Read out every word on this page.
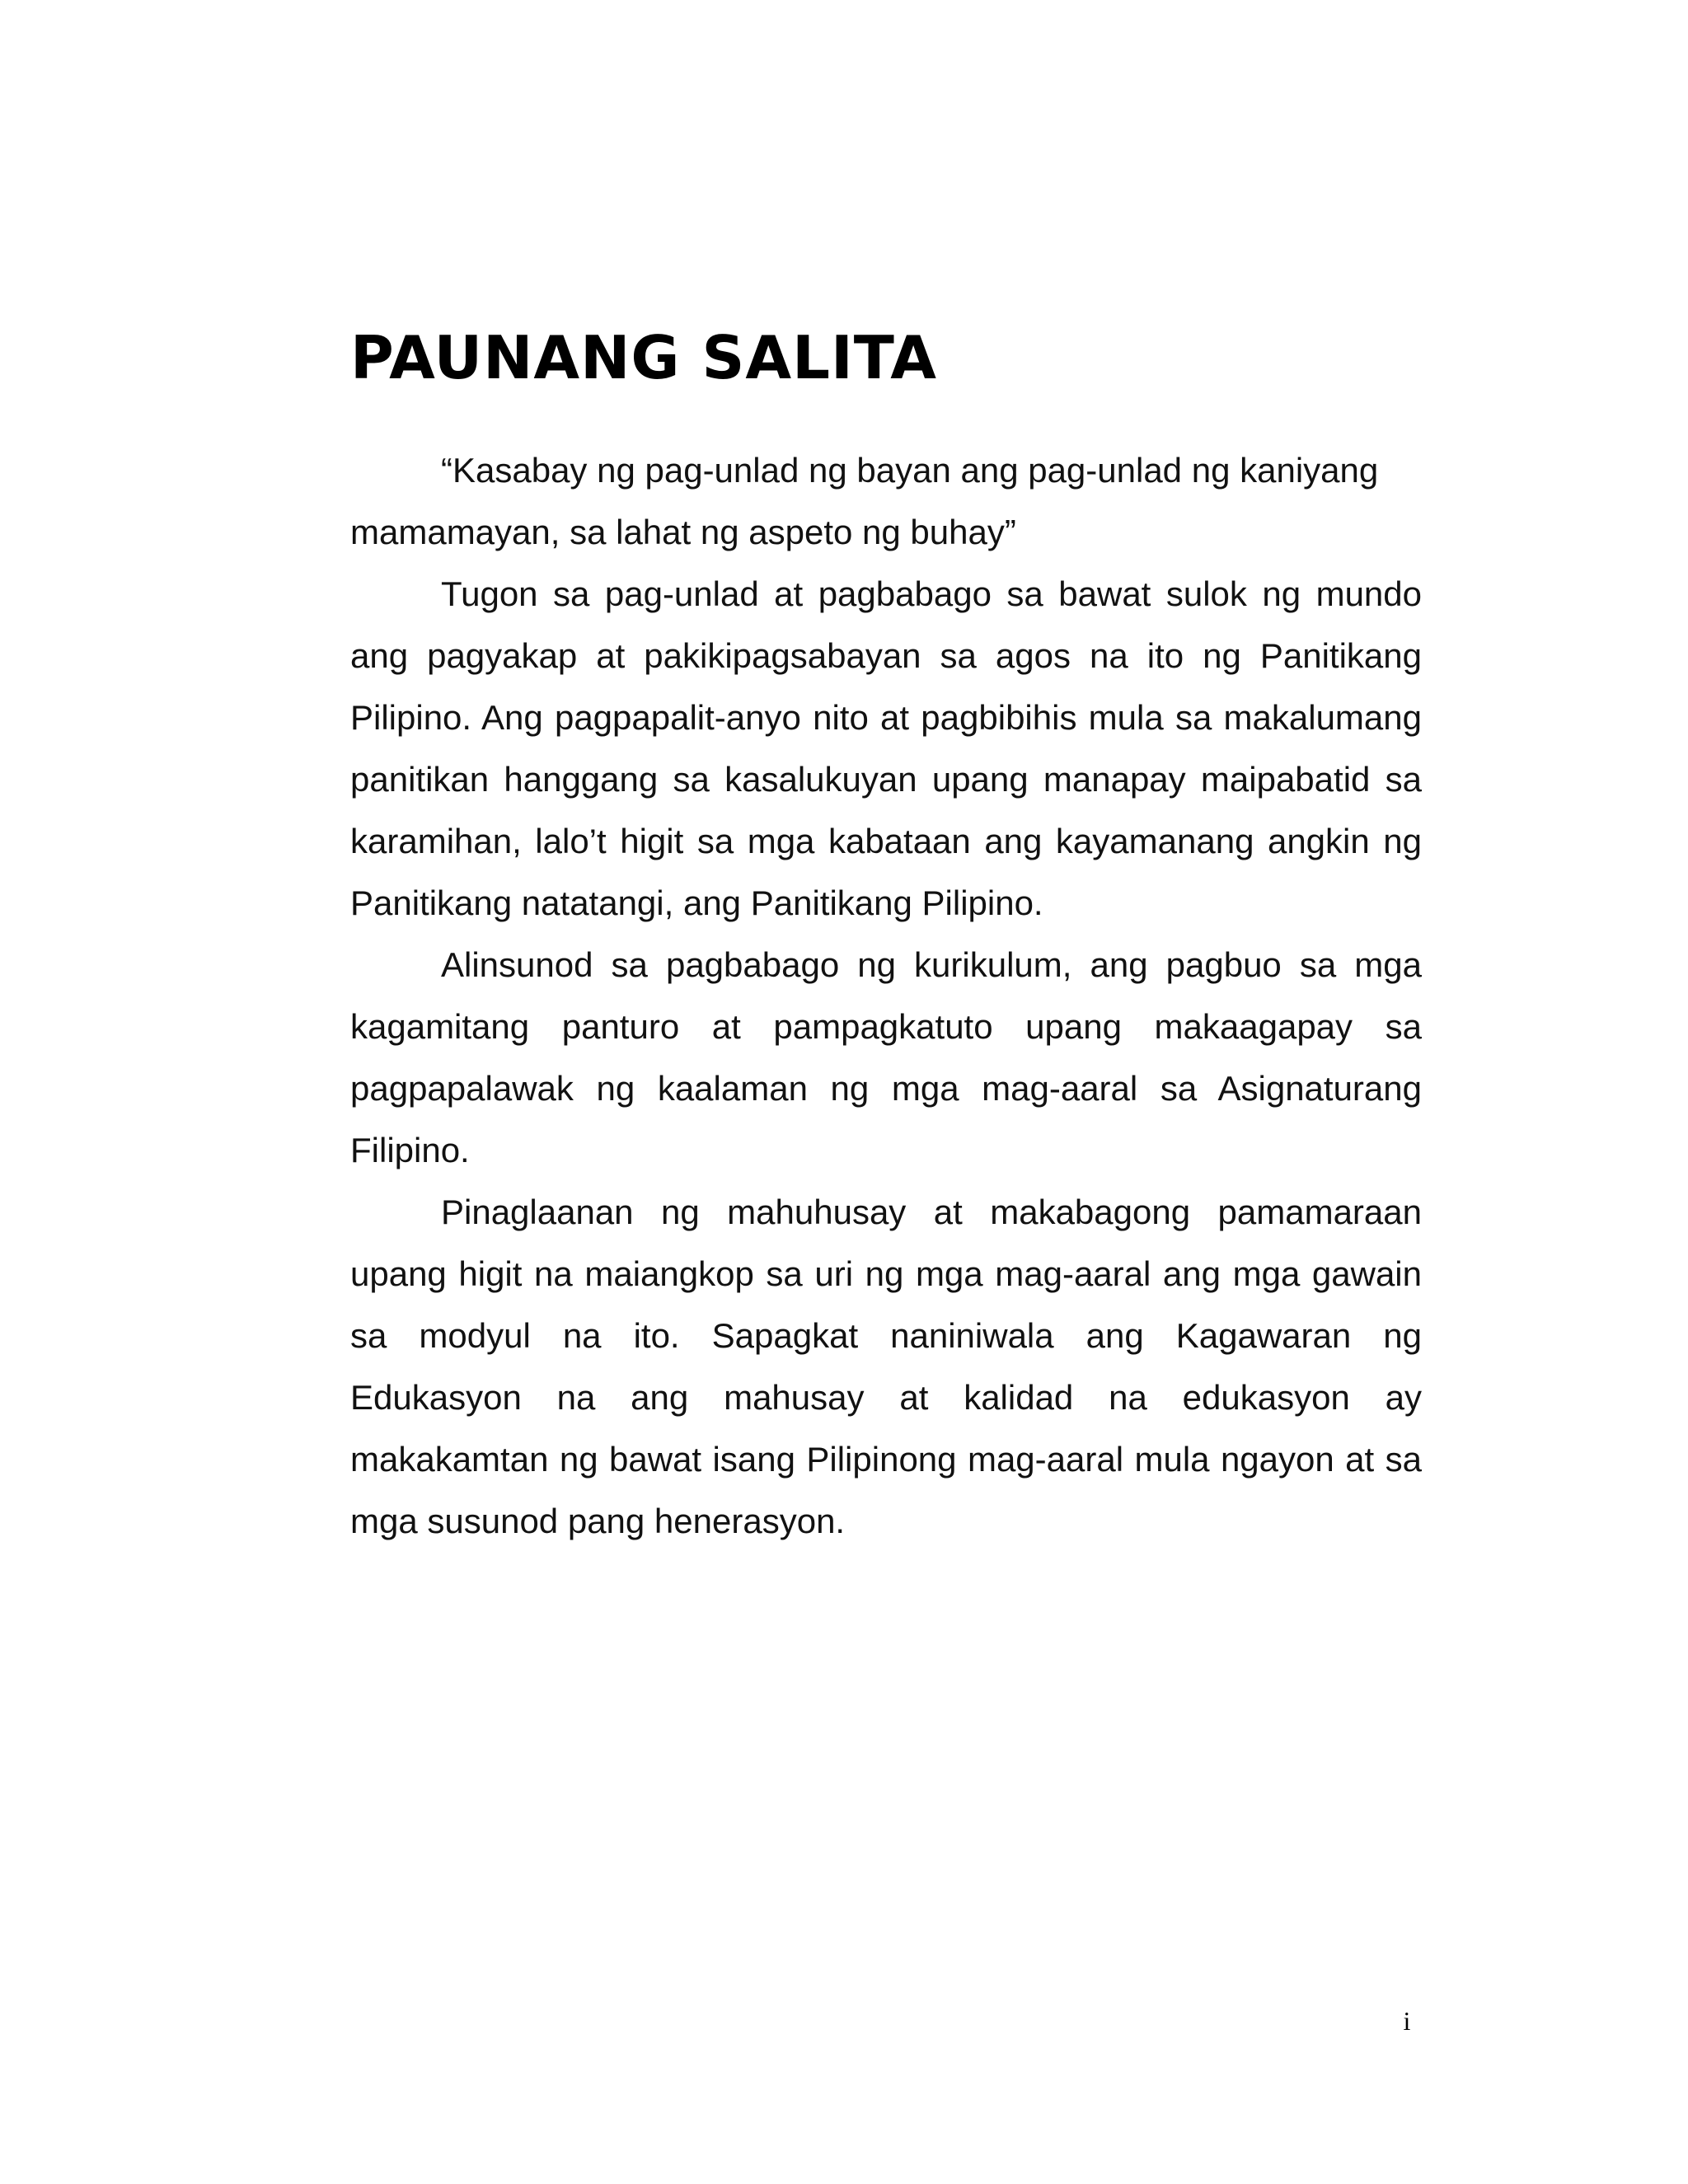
PAUNANG SALITA

“Kasabay ng pag-unlad ng bayan ang pag-unlad ng kaniyang mamamayan, sa lahat ng aspeto ng buhay”

Tugon sa pag-unlad at pagbabago sa bawat sulok ng mundo ang pagyakap at pakikipagsabayan sa agos na ito ng Panitikang Pilipino. Ang pagpapalit-anyo nito at pagbibihis mula sa makalumang panitikan hanggang sa kasalukuyan upang manapay maipabatid sa karamihan, lalo’t higit sa mga kabataan ang kayamanang angkin ng Panitikang natatangi, ang Panitikang Pilipino.

Alinsunod sa pagbabago ng kurikulum, ang pagbuo sa mga kagamitang panturo at pampagkatuto upang makaagapay sa pagpapalawak ng kaalaman ng mga mag-aaral sa Asignaturang Filipino.

Pinaglaanan ng mahuhusay at makabagong pamamaraan upang higit na maiangkop sa uri ng mga mag-aaral ang mga gawain sa modyul na ito. Sapagkat naniniwala ang Kagawaran ng Edukasyon na ang mahusay at kalidad na edukasyon ay makakamtan ng bawat isang Pilipinong mag-aaral mula ngayon at sa mga susunod pang henerasyon.

i
